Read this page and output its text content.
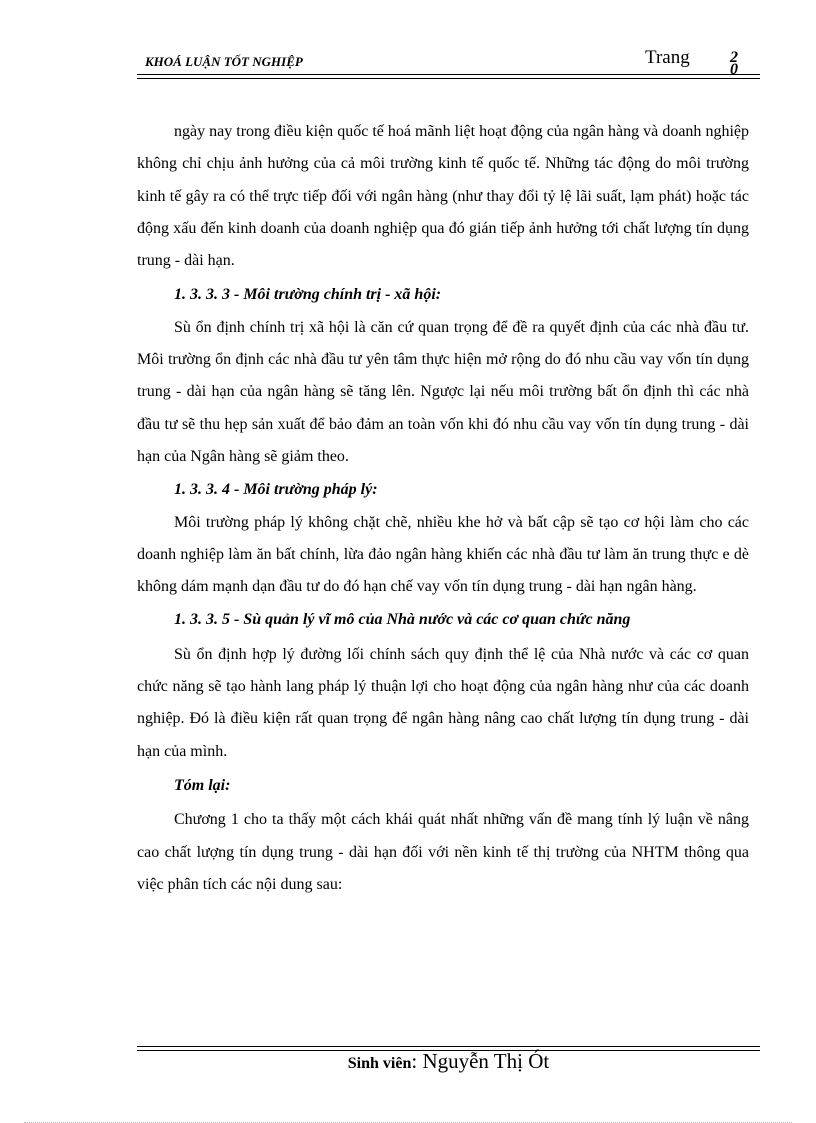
KHOÁ LUẬN TỐT NGHIỆP	Trang	20

ngày nay trong điều kiện quốc tế hoá mãnh liệt hoạt động của ngân hàng và doanh nghiệp không chỉ chịu ảnh hưởng của cả môi trường kinh tế quốc tế. Những tác động do môi trường kinh tế gây ra có thể trực tiếp đối với ngân hàng (như thay đổi tỷ lệ lãi suất, lạm phát) hoặc tác động xấu đến kinh doanh của doanh nghiệp qua đó gián tiếp ảnh hưởng tới chất lượng tín dụng trung - dài hạn.

1. 3. 3. 3 - Môi trường chính trị - xã hội:

Sù ổn định chính trị xã hội là căn cứ quan trọng để đề ra quyết định của các nhà đầu tư. Môi trường ổn định các nhà đầu tư yên tâm thực hiện mở rộng do đó nhu cầu vay vốn tín dụng trung - dài hạn của ngân hàng sẽ tăng lên. Ngược lại nếu môi trường bất ổn định thì các nhà đầu tư sẽ thu hẹp sản xuất để bảo đảm an toàn vốn khi đó nhu cầu vay vốn tín dụng trung - dài hạn của Ngân hàng sẽ giảm theo.

1. 3. 3. 4 - Môi trường pháp lý:

Môi trường pháp lý không chặt chẽ, nhiều khe hở và bất cập sẽ tạo cơ hội làm cho các doanh nghiệp làm ăn bất chính, lừa đảo ngân hàng khiến các nhà đầu tư làm ăn trung thực e dè không dám mạnh dạn đầu tư do đó hạn chế vay vốn tín dụng trung - dài hạn ngân hàng.

1. 3. 3. 5 - Sù quản lý vĩ mô của Nhà nước và các cơ quan chức năng

Sù ổn định hợp lý đường lối chính sách quy định thể lệ của Nhà nước và các cơ quan chức năng sẽ tạo hành lang pháp lý thuận lợi cho hoạt động của ngân hàng như của các doanh nghiệp. Đó là điều kiện rất quan trọng để ngân hàng nâng cao chất lượng tín dụng trung - dài hạn của mình.

Tóm lại:

Chương 1 cho ta thấy một cách khái quát nhất những vấn đề mang tính lý luận về nâng cao chất lượng tín dụng trung - dài hạn đối với nền kinh tế thị trường của NHTM thông qua việc phân tích các nội dung sau:

Sinh viên: Nguyễn Thị Ót
